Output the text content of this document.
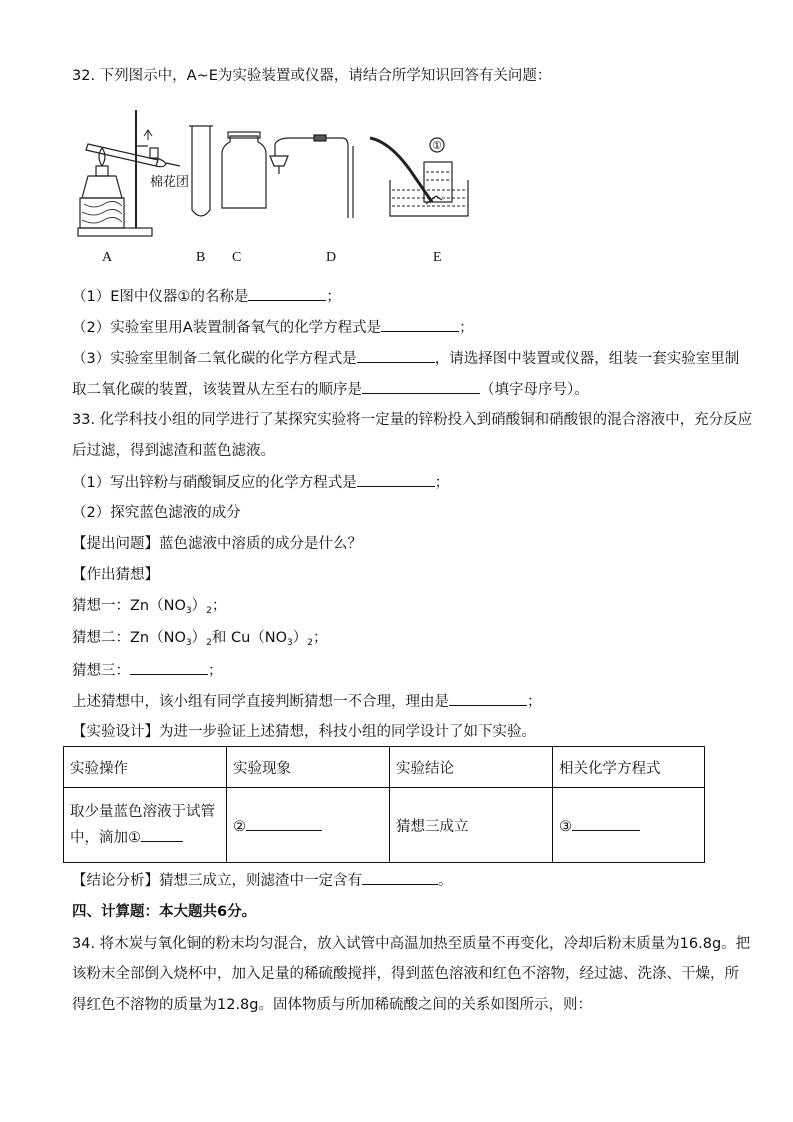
32. 下列图示中，A~E为实验装置或仪器，请结合所学知识回答有关问题：
棉花团
①
A	B C	D	E
（1）E图中仪器①的名称是	；
（2）实验室里用A装置制备氧气的化学方程式是	；
（3）实验室里制备二氧化碳的化学方程式是	，请选择图中装置或仪器，组装一套实验室里制
取二氧化碳的装置，该装置从左至右的顺序是	（填字母序号）。
33. 化学科技小组的同学进行了某探究实验将一定量的锌粉投入到硝酸铜和硝酸银的混合溶液中，充分反应
后过滤，得到滤渣和蓝色滤液。
（1）写出锌粉与硝酸铜反应的化学方程式是	；
（2）探究蓝色滤液的成分
【提出问题】蓝色滤液中溶质的成分是什么？
【作出猜想】
猜想一：$Zn(NO_3)_2$；
猜想二：$Zn(NO_3)_2$和 $Cu(NO_3)_2$；
猜想三：	；
上述猜想中，该小组有同学直接判断猜想一不合理，理由是	；
【实验设计】为进一步验证上述猜想，科技小组的同学设计了如下实验。
实验操作	实验现象	实验结论	相关化学方程式

取少量蓝色溶液于试管
中，滴加①	②	猜想三成立	③
【结论分析】猜想三成立，则滤渣中一定含有	。
四、计算题：本大题共6分。
34. 将木炭与氧化铜的粉末均匀混合，放入试管中高温加热至质量不再变化，冷却后粉末质量为16.8g。把
该粉末全部倒入烧杯中，加入足量的稀硫酸搅拌，得到蓝色溶液和红色不溶物，经过滤、洗涤、干燥，所
得红色不溶物的质量为12.8g。固体物质与所加稀硫酸之间的关系如图所示，则：
